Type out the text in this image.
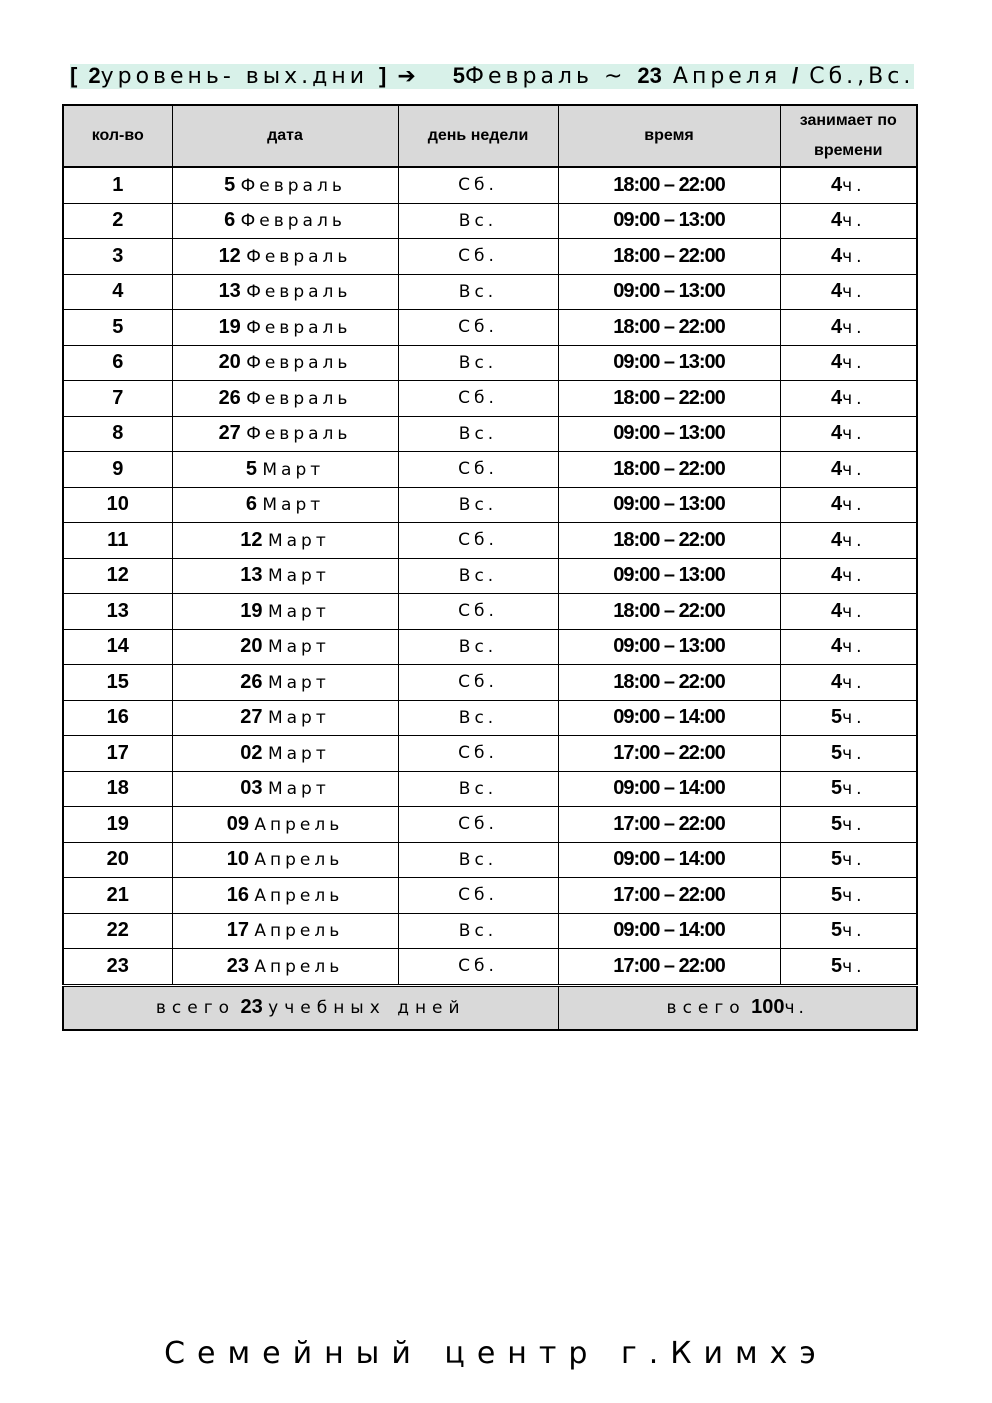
[ 2уровень- вых.дни ] ➔ 5Февраль ~ 23 Апреля / Сб.,Вс.
кол-во	дата	день недели	время	занимает по времени
1	5 Февраль	Сб.	18:00 – 22:00	4ч.
2	6 Февраль	Вс.	09:00 – 13:00	4ч.
3	12 Февраль	Сб.	18:00 – 22:00	4ч.
4	13 Февраль	Вс.	09:00 – 13:00	4ч.
5	19 Февраль	Сб.	18:00 – 22:00	4ч.
6	20 Февраль	Вс.	09:00 – 13:00	4ч.
7	26 Февраль	Сб.	18:00 – 22:00	4ч.
8	27 Февраль	Вс.	09:00 – 13:00	4ч.
9	5 Март	Сб.	18:00 – 22:00	4ч.
10	6 Март	Вс.	09:00 – 13:00	4ч.
11	12 Март	Сб.	18:00 – 22:00	4ч.
12	13 Март	Вс.	09:00 – 13:00	4ч.
13	19 Март	Сб.	18:00 – 22:00	4ч.
14	20 Март	Вс.	09:00 – 13:00	4ч.
15	26 Март	Сб.	18:00 – 22:00	4ч.
16	27 Март	Вс.	09:00 – 14:00	5ч.
17	02 Март	Сб.	17:00 – 22:00	5ч.
18	03 Март	Вс.	09:00 – 14:00	5ч.
19	09 Апрель	Сб.	17:00 – 22:00	5ч.
20	10 Апрель	Вс.	09:00 – 14:00	5ч.
21	16 Апрель	Сб.	17:00 – 22:00	5ч.
22	17 Апрель	Вс.	09:00 – 14:00	5ч.
23	23 Апрель	Сб.	17:00 – 22:00	5ч.
всего 23 учебных дней			всего 100ч.	
Семейный центр г.Кимхэ
